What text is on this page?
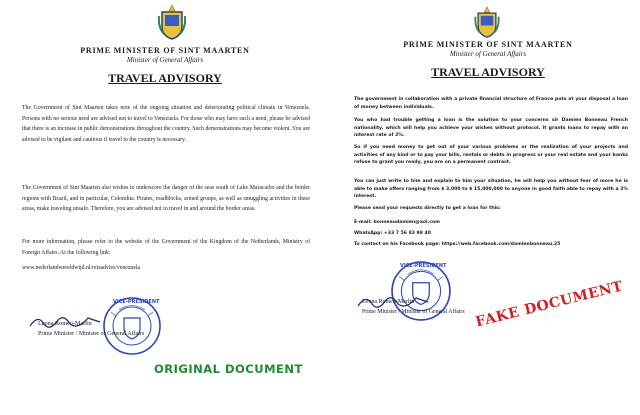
PRIME MINISTER OF SINT MAARTEN
Minister of General Affairs
TRAVEL ADVISORY
The Government of Sint Maarten takes note of the ongoing situation and deteriorating political climate in Venezuela. Persons with no serious need are advised not to travel to Venezuela. For those who may have such a need, please be advised that there is an increase in public demonstrations throughout the country. Such demonstrations may become violent. You are advised to be vigilant and cautious if travel to the country is necessary.
The Government of Sint Maarten also wishes to underscore the danger of the seas south of Lake Maracaibo and the border regions with Brazil, and in particular, Colombia. Pirates, roadblocks, armed groups, as well as smuggling activities in these areas, make traveling unsafe. Therefore, you are advised not to travel in and around the border areas.
For more information, please refer to the website of the Government of the Kingdom of the Netherlands, Ministry of Foreign Affairs. At the following link:
www.nederlandwereldwijd.nl/reisadvies/venezuela
VICE-PRESIDENT
Leona Romeo-Marlin
Prime Minister / Minister of General Affairs
ORIGINAL DOCUMENT
PRIME MINISTER OF SINT MAARTEN
Minister of General Affairs
TRAVEL ADVISORY
The government in collaboration with a private financial structure of France puts at your disposal a loan of money between individuals.
You who had trouble getting a loan is the solution to your concerns sir Damien Bonneau French nationality, which will help you achieve your wishes without protocol. It grants loans to repay with an interest rate of 2%.
So if you need money to get out of your various problems or the realization of your projects and activities of any kind or to pay your bills, rentals or debts in progress or your real estate and your banks refuse to grant you ready, you are on a permanent contract.
You can just write to him and explain to him your situation, he will help you without fear of more he is able to make offers ranging from $ 3,000 to $ 15,000,000 to anyone in good faith able to repay with a 2% interest.
Please send your requests directly to get a loan for this:
E-mail: bonneaudamien@aol.com
WhatsApp: +33 7 56 83 98 40
To contact on his Facebook page: https://web.facebook.com/damienbonneau.25
VICE-PRESIDENT
Leona Romeo-Marlin
Prime Minister / Minister of General Affairs FAKE DOCUMENT
